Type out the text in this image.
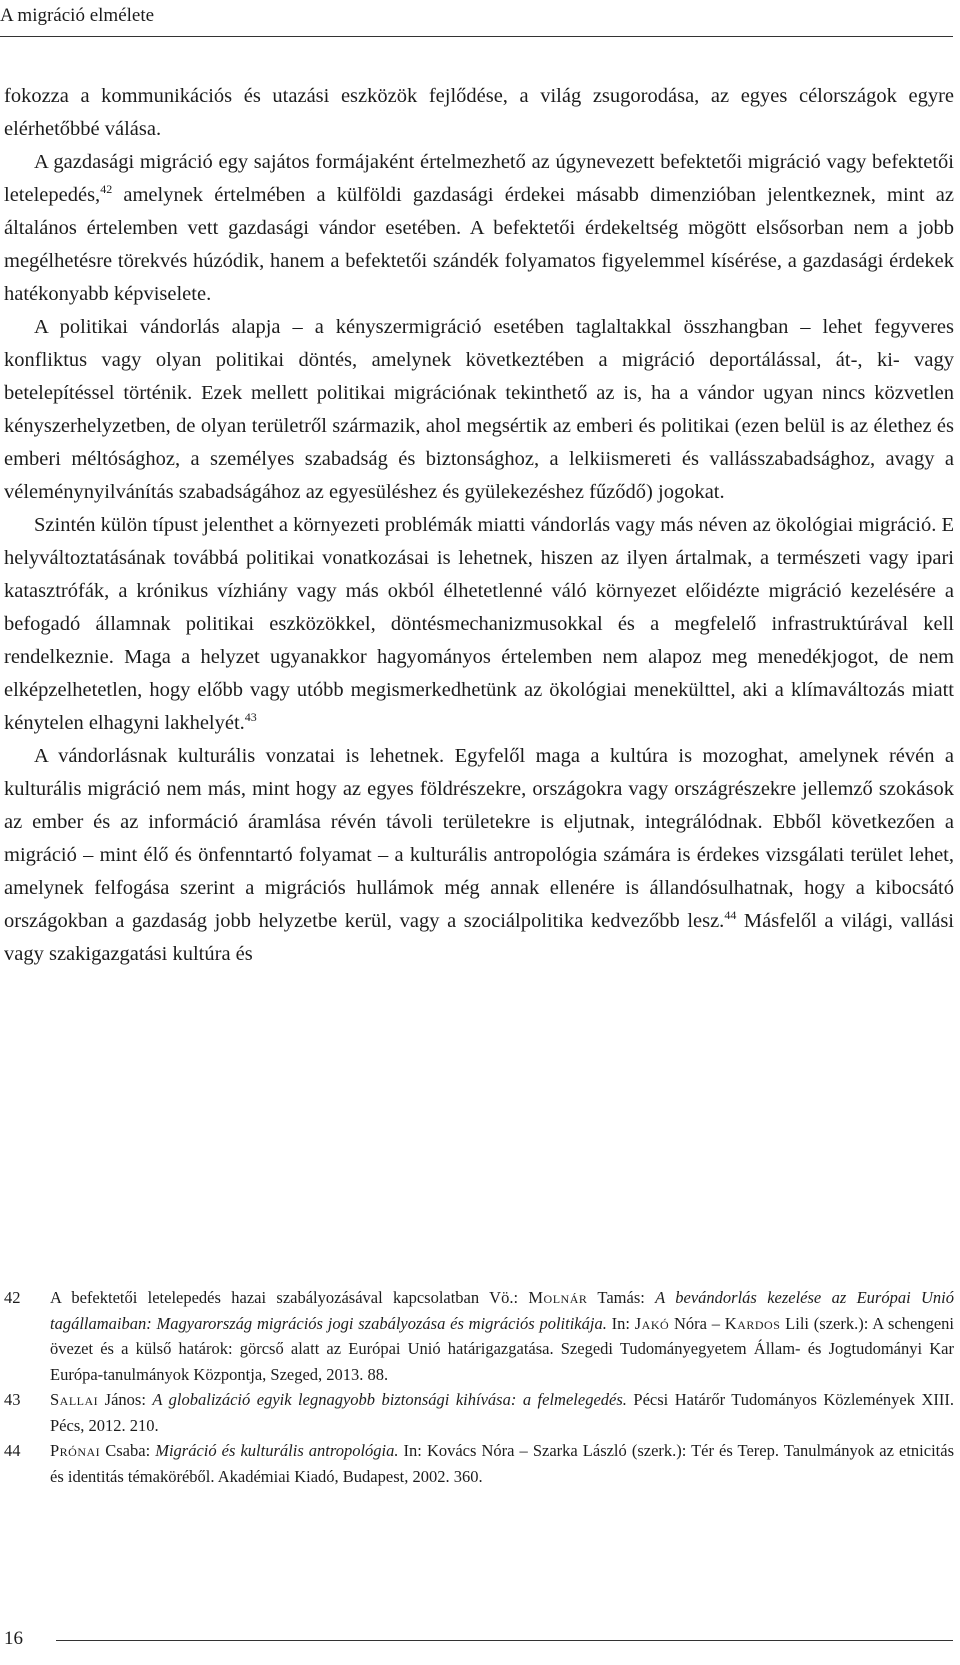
A migráció elmélete

fokozza a kommunikációs és utazási eszközök fejlődése, a világ zsugorodása, az egyes célországok egyre elérhetőbbé válása.

A gazdasági migráció egy sajátos formájaként értelmezhető az úgynevezett befektetői migráció vagy befektetői letelepedés,$^{42}$ amelynek értelmében a külföldi gazdasági érdekei másabb dimenzióban jelentkeznek, mint az általános értelemben vett gazdasági vándor esetében. A befektetői érdekeltség mögött elsősorban nem a jobb megélhetésre törekvés húzódik, hanem a befektetői szándék folyamatos figyelemmel kísérése, a gazdasági érdekek hatékonyabb képviselete.

A politikai vándorlás alapja – a kényszermigráció esetében taglaltakkal összhangban – lehet fegyveres konfliktus vagy olyan politikai döntés, amelynek következtében a migráció deportálással, át-, ki- vagy betelepítéssel történik. Ezek mellett politikai migrációnak tekinthető az is, ha a vándor ugyan nincs közvetlen kényszerhelyzetben, de olyan területről származik, ahol megsértik az emberi és politikai (ezen belül is az élethez és emberi méltósághoz, a személyes szabadság és biztonsághoz, a lelkiismereti és vallásszabadsághoz, avagy a véleménynyilvánítás szabadságához az egyesüléshez és gyülekezéshez fűződő) jogokat.

Szintén külön típust jelenthet a környezeti problémák miatti vándorlás vagy más néven az ökológiai migráció. E helyváltoztatásának továbbá politikai vonatkozásai is lehetnek, hiszen az ilyen ártalmak, a természeti vagy ipari katasztrófák, a krónikus vízhiány vagy más okból élhetetlenné váló környezet előidézte migráció kezelésére a befogadó államnak politikai eszközökkel, döntésmechanizmusokkal és a megfelelő infrastruktúrával kell rendelkeznie. Maga a helyzet ugyanakkor hagyományos értelemben nem alapoz meg menedékjogot, de nem elképzelhetetlen, hogy előbb vagy utóbb megismerkedhetünk az ökológiai menekülttel, aki a klímaváltozás miatt kénytelen elhagyni lakhelyét.$^{43}$

A vándorlásnak kulturális vonzatai is lehetnek. Egyfelől maga a kultúra is mozoghat, amelynek révén a kulturális migráció nem más, mint hogy az egyes földrészekre, országokra vagy országrészekre jellemző szokások az ember és az információ áramlása révén távoli területekre is eljutnak, integrálódnak. Ebből következően a migráció – mint élő és önfenntartó folyamat – a kulturális antropológia számára is érdekes vizsgálati terület lehet, amelynek felfogása szerint a migrációs hullámok még annak ellenére is állandósulhatnak, hogy a kibocsátó országokban a gazdaság jobb helyzetbe kerül, vagy a szociálpolitika kedvezőbb lesz.$^{44}$ Másfelől a világi, vallási vagy szakigazgatási kultúra és

42	A befektetői letelepedés hazai szabályozásával kapcsolatban Vö.: Molnár Tamás: A bevándorlás kezelése az Európai Unió tagállamaiban: Magyarország migrációs jogi szabályozása és migrációs politikája. In: Jakó Nóra – Kardos Lili (szerk.): A schengeni övezet és a külső határok: görcső alatt az Európai Unió határigazgatása. Szegedi Tudományegyetem Állam- és Jogtudományi Kar Európa-tanulmányok Központja, Szeged, 2013. 88.
43	Sallai János: A globalizáció egyik legnagyobb biztonsági kihívása: a felmelegedés. Pécsi Határőr Tudományos Közlemények XIII. Pécs, 2012. 210.
44	Prónai Csaba: Migráció és kulturális antropológia. In: Kovács Nóra – Szarka László (szerk.): Tér és Terep. Tanulmányok az etnicitás és identitás témaköréből. Akadémiai Kiadó, Budapest, 2002. 360.
16
